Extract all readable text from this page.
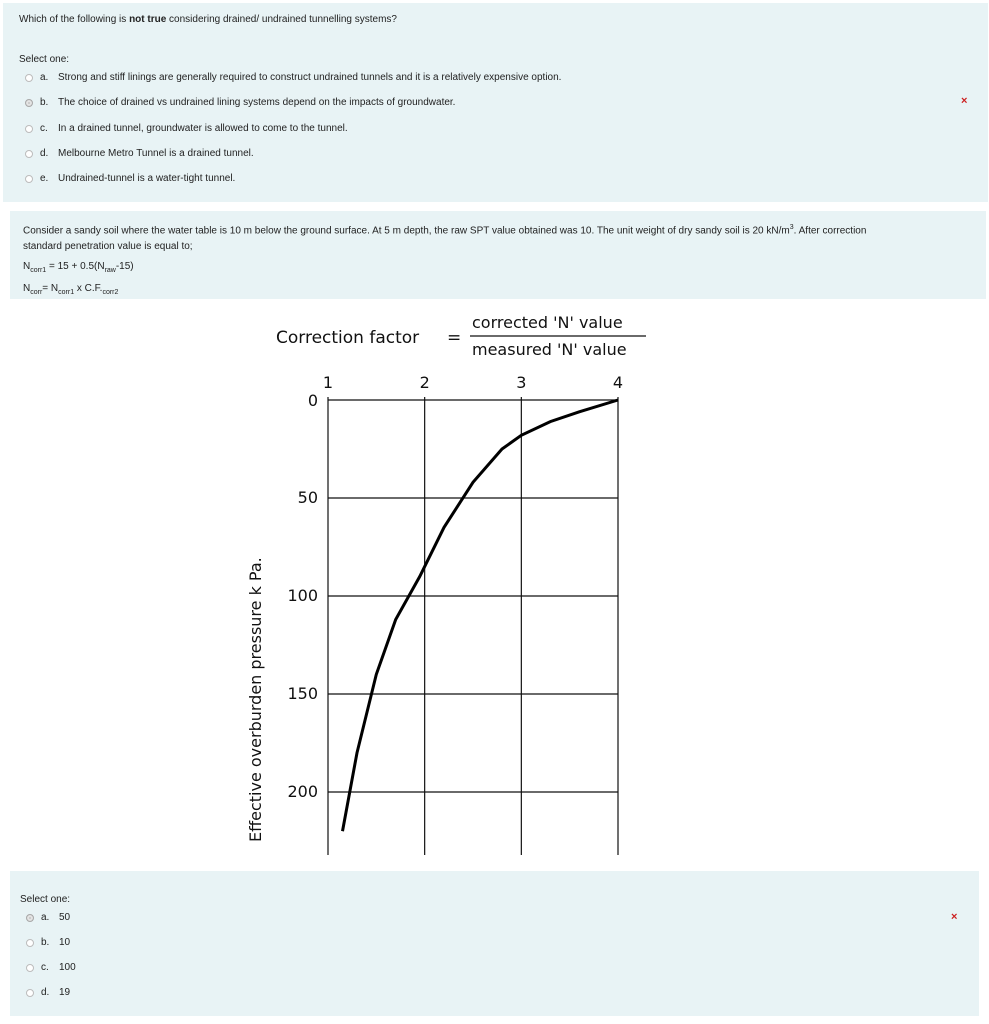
Which of the following is not true considering drained/ undrained tunnelling systems?
Select one:
a. Strong and stiff linings are generally required to construct undrained tunnels and it is a relatively expensive option.
b. The choice of drained vs undrained lining systems depend on the impacts of groundwater.
c.	In a drained tunnel, groundwater is allowed to come to the tunnel.
d. Melbourne Metro Tunnel is a drained tunnel.
e. Undrained-tunnel is a water-tight tunnel.
×
Consider a sandy soil where the water table is 10 m below the ground surface. At 5 m depth, the raw SPT value obtained was 10. The unit weight of dry sandy soil is 20 $kN/m^3$. After correction
standard penetration value is equal to;
$N_{corr1} = 15 + 0.5(N_{raw}-15)$
$N_{corr}= N_{corr1}$ x $C.F._{corr2}$
Correction factor =
corrected 'N' value
measured 'N' value
1	2	3	4
0
50
100
150
200
Effective overburden pressure k Pa.
Select one:
a. 50
b. 10
c.	100
d. 19
×
